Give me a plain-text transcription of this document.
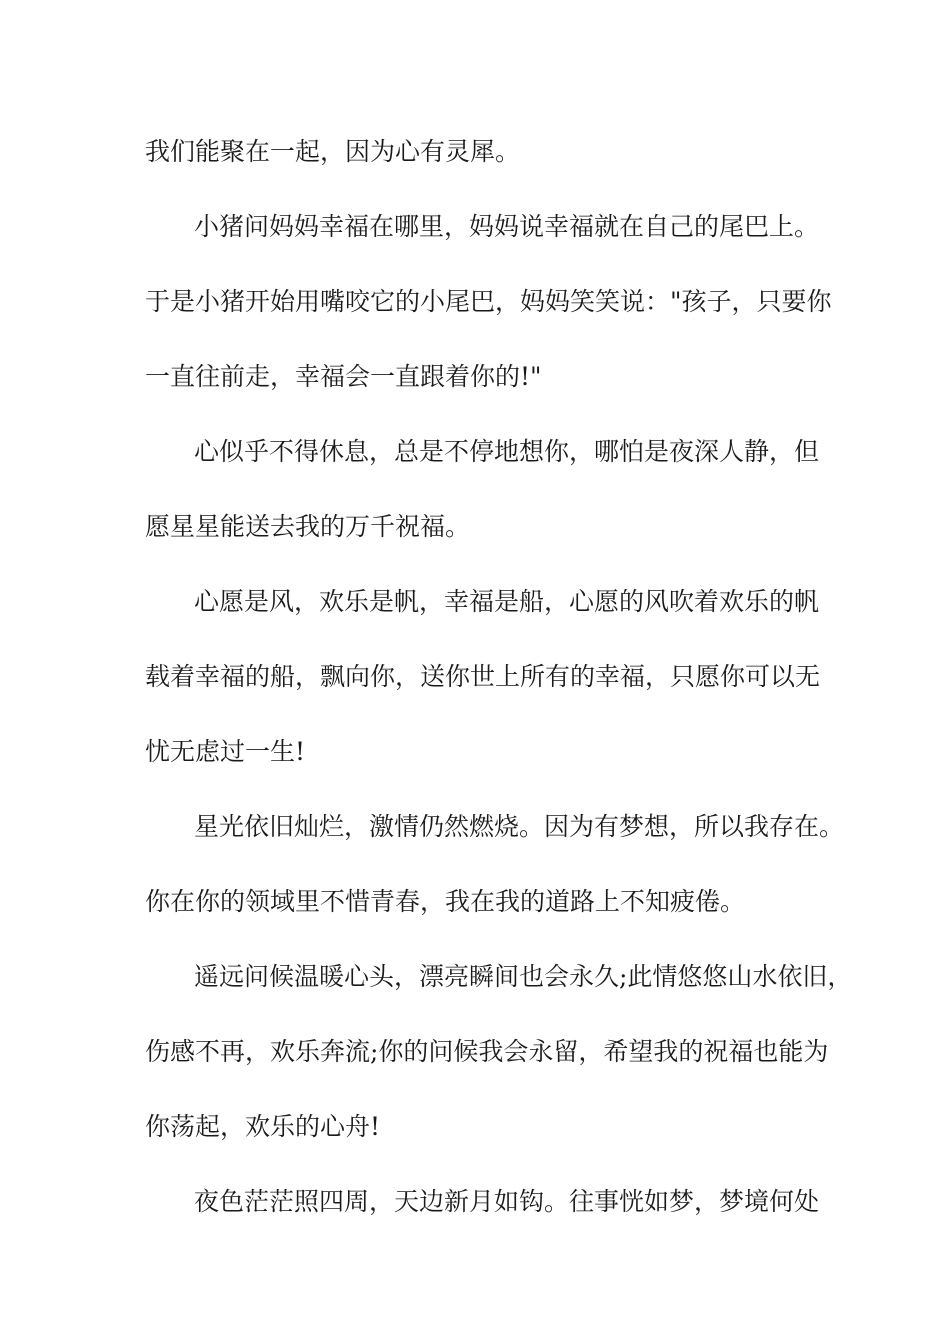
我们能聚在一起，因为心有灵犀。

小猪问妈妈幸福在哪里，妈妈说幸福就在自己的尾巴上。

于是小猪开始用嘴咬它的小尾巴，妈妈笑笑说："孩子，只要你

一直往前走，幸福会一直跟着你的!"

心似乎不得休息，总是不停地想你，哪怕是夜深人静，但

愿星星能送去我的万千祝福。

心愿是风，欢乐是帆，幸福是船，心愿的风吹着欢乐的帆

载着幸福的船，飘向你，送你世上所有的幸福，只愿你可以无

忧无虑过一生!

星光依旧灿烂，激情仍然燃烧。因为有梦想，所以我存在。

你在你的领域里不惜青春，我在我的道路上不知疲倦。

遥远问候温暖心头，漂亮瞬间也会永久;此情悠悠山水依旧，

伤感不再，欢乐奔流;你的问候我会永留，希望我的祝福也能为

你荡起，欢乐的心舟!

夜色茫茫照四周，天边新月如钩。往事恍如梦，梦境何处
